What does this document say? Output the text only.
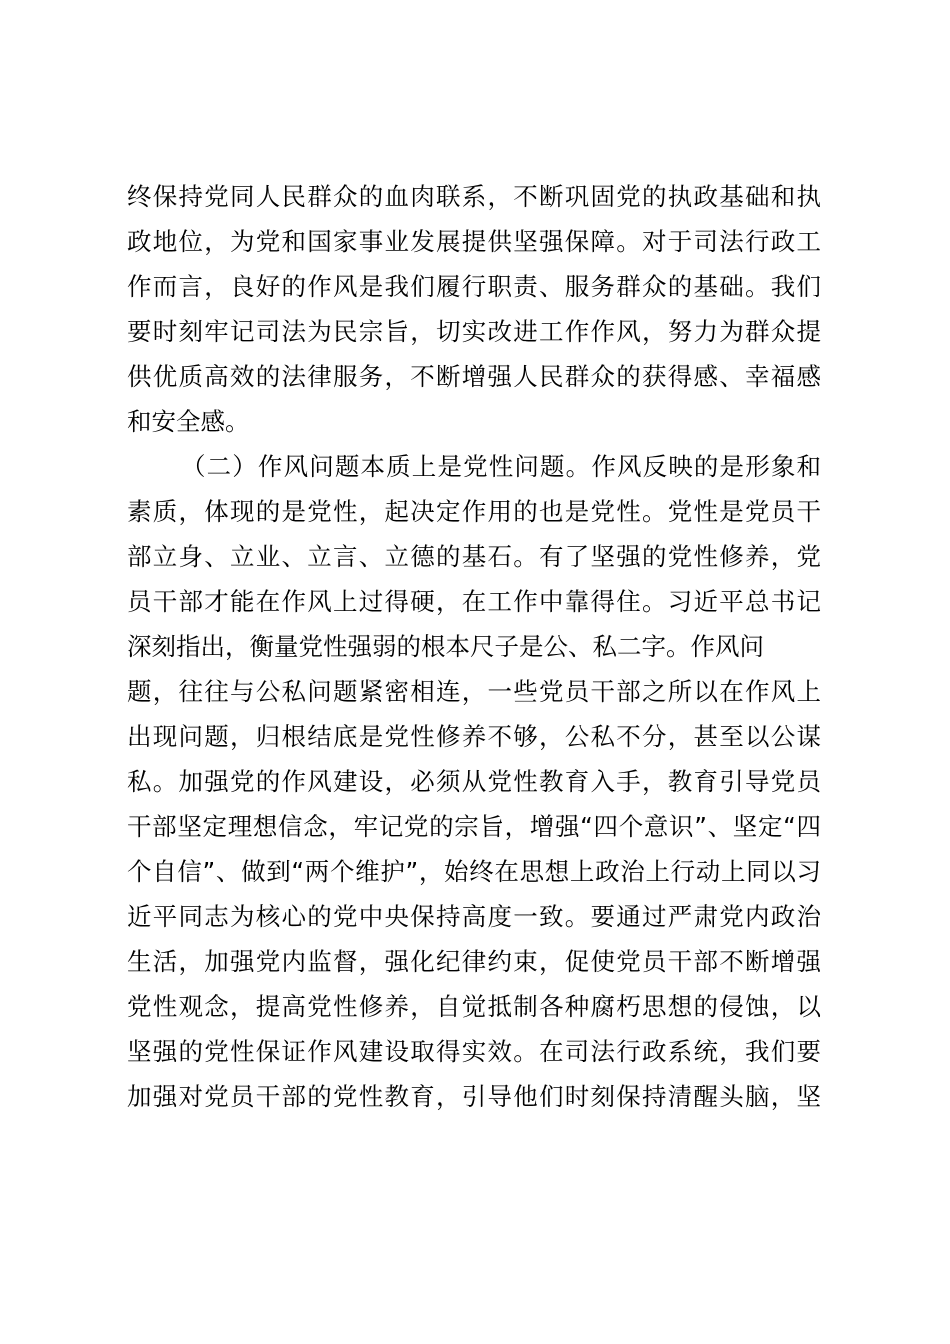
终保持党同人民群众的血肉联系，不断巩固党的执政基础和执
政地位，为党和国家事业发展提供坚强保障。对于司法行政工
作而言，良好的作风是我们履行职责、服务群众的基础。我们
要时刻牢记司法为民宗旨，切实改进工作作风，努力为群众提
供优质高效的法律服务，不断增强人民群众的获得感、幸福感
和安全感。
（二）作风问题本质上是党性问题。作风反映的是形象和
素质，体现的是党性，起决定作用的也是党性。党性是党员干
部立身、立业、立言、立德的基石。有了坚强的党性修养，党
员干部才能在作风上过得硬，在工作中靠得住。习近平总书记
深刻指出，衡量党性强弱的根本尺子是公、私二字。作风问
题，往往与公私问题紧密相连，一些党员干部之所以在作风上
出现问题，归根结底是党性修养不够，公私不分，甚至以公谋
私。加强党的作风建设，必须从党性教育入手，教育引导党员
干部坚定理想信念，牢记党的宗旨，增强“四个意识”、坚定“四
个自信”、做到“两个维护”，始终在思想上政治上行动上同以习
近平同志为核心的党中央保持高度一致。要通过严肃党内政治
生活，加强党内监督，强化纪律约束，促使党员干部不断增强
党性观念，提高党性修养，自觉抵制各种腐朽思想的侵蚀，以
坚强的党性保证作风建设取得实效。在司法行政系统，我们要
加强对党员干部的党性教育，引导他们时刻保持清醒头脑，坚
